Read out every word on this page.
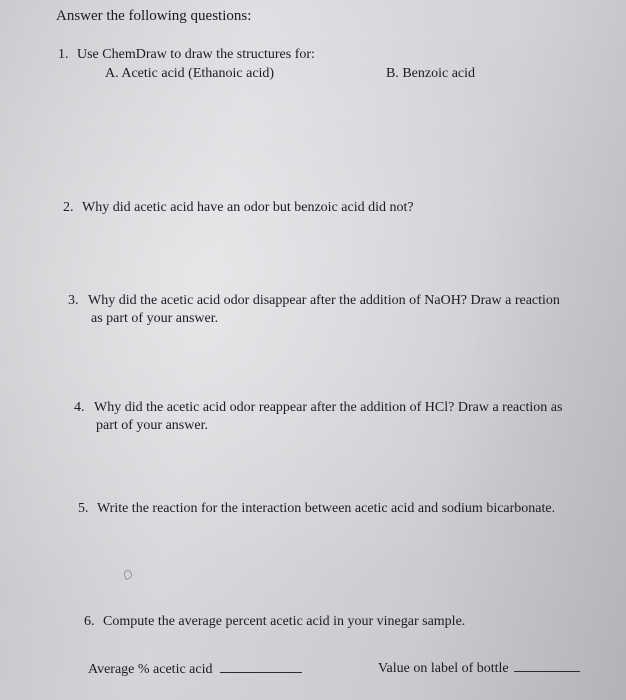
Answer the following questions:
1. Use ChemDraw to draw the structures for:
A. Acetic acid (Ethanoic acid)	B. Benzoic acid
2. Why did acetic acid have an odor but benzoic acid did not?
3. Why did the acetic acid odor disappear after the addition of NaOH? Draw a reaction
as part of your answer.
4. Why did the acetic acid odor reappear after the addition of HCl? Draw a reaction as
part of your answer.
5. Write the reaction for the interaction between acetic acid and sodium bicarbonate.
6. Compute the average percent acetic acid in your vinegar sample.
Average % acetic acid	Value on label of bottle
